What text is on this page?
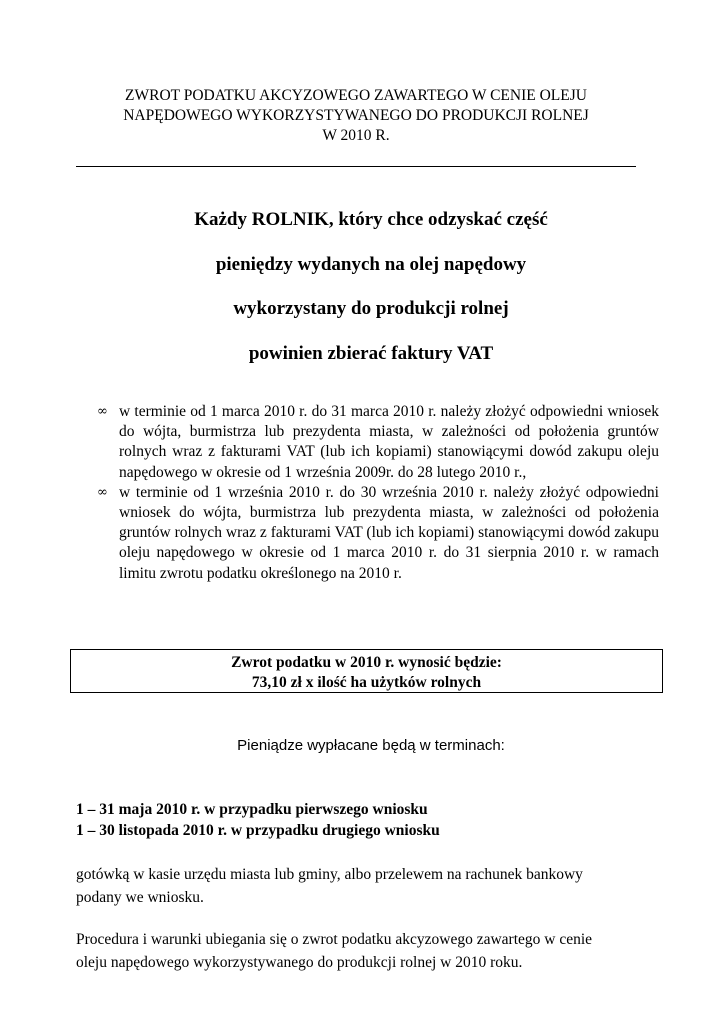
ZWROT PODATKU AKCYZOWEGO ZAWARTEGO W CENIE OLEJU
NAPĘDOWEGO WYKORZYSTYWANEGO DO PRODUKCJI ROLNEJ
W 2010 R.
Każdy ROLNIK, który chce odzyskać część
pieniędzy wydanych na olej napędowy
wykorzystany do produkcji rolnej
powinien zbierać faktury VAT
∞ w terminie od 1 marca 2010 r. do 31 marca 2010 r. należy złożyć odpowiedni wniosek do wójta, burmistrza lub prezydenta miasta, w zależności od położenia gruntów rolnych wraz z fakturami VAT (lub ich kopiami) stanowiącymi dowód zakupu oleju napędowego w okresie od 1 września 2009r. do 28 lutego 2010 r.,
∞ w terminie od 1 września 2010 r. do 30 września 2010 r. należy złożyć odpowiedni wniosek do wójta, burmistrza lub prezydenta miasta, w zależności od położenia gruntów rolnych wraz z fakturami VAT (lub ich kopiami) stanowiącymi dowód zakupu oleju napędowego w okresie od 1 marca 2010 r. do 31 sierpnia 2010 r. w ramach limitu zwrotu podatku określonego na 2010 r.
Zwrot podatku w 2010 r. wynosić będzie:
73,10 zł x ilość ha użytków rolnych
Pieniądze wypłacane będą w terminach:
1 – 31 maja 2010 r. w przypadku pierwszego wniosku
1 – 30 listopada 2010 r. w przypadku drugiego wniosku
gotówką w kasie urzędu miasta lub gminy, albo przelewem na rachunek bankowy
podany we wniosku.
Procedura i warunki ubiegania się o zwrot podatku akcyzowego zawartego w cenie
oleju napędowego wykorzystywanego do produkcji rolnej w 2010 roku.
